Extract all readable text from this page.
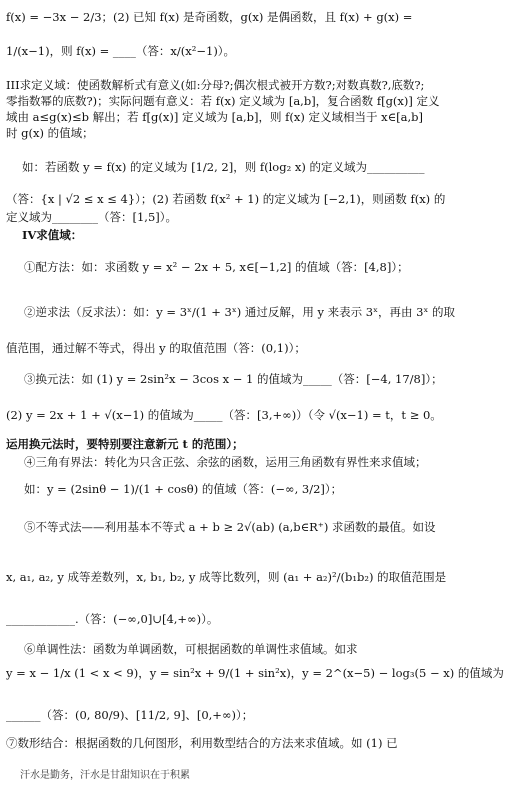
f(x) = −3x − 2/3；(2) 已知 f(x) 是奇函数，g(x) 是偶函数，且 f(x) + g(x) =
1/(x−1)，则 f(x) = ____（答：x/(x²−1)）。
III求定义域：使函数解析式有意义(如:分母?;偶次根式被开方数?;对数真数?,底数?;
零指数幂的底数?)；实际问题有意义：若 f(x) 定义域为 [a,b]，复合函数 f[g(x)] 定义
域由 a≤g(x)≤b 解出；若 f[g(x)] 定义域为 [a,b]，则 f(x) 定义域相当于 x∈[a,b]
时 g(x) 的值域；
如：若函数 y = f(x) 的定义域为 [1/2, 2]，则 f(log₂ x) 的定义域为__________
（答：{x | √2 ≤ x ≤ 4}）；(2) 若函数 f(x² + 1) 的定义域为 [−2,1)，则函数 f(x) 的
定义域为________（答：[1,5]）。
IV求值域：
①配方法：如：求函数 y = x² − 2x + 5, x∈[−1,2] 的值域（答：[4,8]）；
②逆求法（反求法）：如：y = 3ˣ/(1 + 3ˣ) 通过反解，用 y 来表示 3ˣ，再由 3ˣ 的取
值范围，通过解不等式，得出 y 的取值范围（答：(0,1)）；
③换元法：如 (1) y = 2sin²x − 3cos x − 1 的值域为_____（答：[−4, 17/8]）；
(2) y = 2x + 1 + √(x−1) 的值域为_____（答：[3,+∞)）（令 √(x−1) = t，t ≥ 0。
运用换元法时，要特别要注意新元 t 的范围）；
④三角有界法：转化为只含正弦、余弦的函数，运用三角函数有界性来求值域；
如：y = (2sinθ − 1)/(1 + cosθ) 的值域（答：(−∞, 3/2]）；
⑤不等式法——利用基本不等式 a + b ≥ 2√(ab) (a,b∈R⁺) 求函数的最值。如设
x, a₁, a₂, y 成等差数列，x, b₁, b₂, y 成等比数列，则 (a₁ + a₂)²/(b₁b₂) 的取值范围是
____________.（答：(−∞,0]∪[4,+∞)）。
⑥单调性法：函数为单调函数，可根据函数的单调性求值域。如求
y = x − 1/x (1 < x < 9)，y = sin²x + 9/(1 + sin²x)，y = 2^(x−5) − log₃(5 − x) 的值域为
______（答：(0, 80/9)、[11/2, 9]、[0,+∞)）；
⑦数形结合：根据函数的几何图形，利用数型结合的方法来求值域。如 (1) 已
汗水是勤务，汗水是甘甜知识在于积累
